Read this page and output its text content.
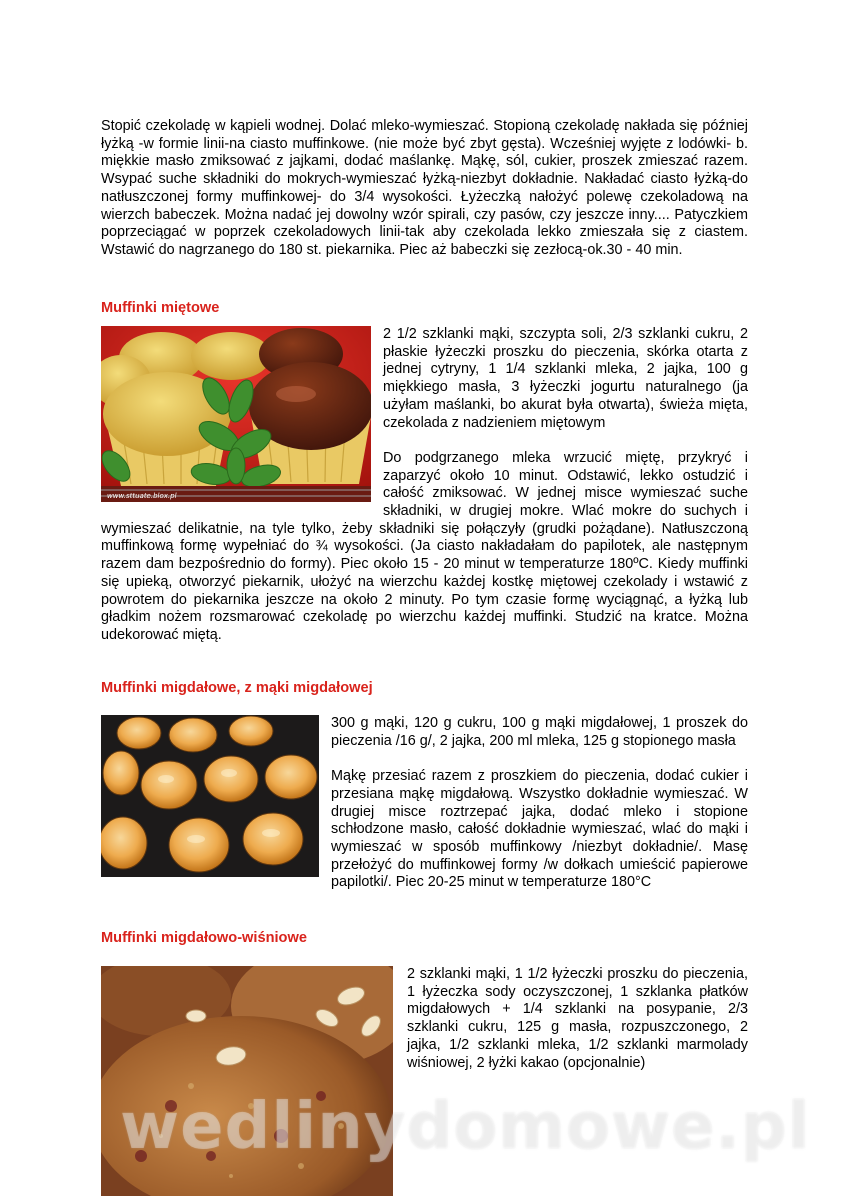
Stopić czekoladę w kąpieli wodnej. Dolać mleko-wymieszać. Stopioną czekoladę nakłada się później łyżką -w formie linii-na ciasto muffinkowe. (nie może być zbyt gęsta). Wcześniej wyjęte z lodówki- b. miękkie masło zmiksować z jajkami, dodać maślankę. Mąkę, sól, cukier, proszek zmieszać razem. Wsypać suche składniki do mokrych-wymieszać łyżką-niezbyt dokładnie. Nakładać ciasto łyżką-do natłuszczonej formy muffinkowej- do 3/4 wysokości. Łyżeczką nałożyć polewę czekoladową na wierzch babeczek. Można nadać jej dowolny wzór spirali, czy pasów, czy jeszcze inny.... Patyczkiem poprzeciągać w poprzek czekoladowych linii-tak aby czekolada lekko zmieszała się z ciastem. Wstawić do nagrzanego do 180 st. piekarnika. Piec aż babeczki się zezłocą-ok.30 - 40 min.

Muffinki miętowe
www.sttuate.blox.pl

2 1/2 szklanki mąki, szczypta soli, 2/3 szklanki cukru, 2 płaskie łyżeczki proszku do pieczenia, skórka otarta z jednej cytryny, 1 1/4 szklanki mleka, 2 jajka, 100 g miękkiego masła, 3 łyżeczki jogurtu naturalnego (ja użyłam maślanki, bo akurat była otwarta), świeża mięta, czekolada z nadzieniem miętowym

Do podgrzanego mleka wrzucić miętę, przykryć i zaparzyć około 10 minut. Odstawić, lekko ostudzić i całość zmiksować. W jednej misce wymieszać suche składniki, w drugiej mokre. Wlać mokre do suchych i wymieszać delikatnie, na tyle tylko, żeby składniki się połączyły (grudki pożądane). Natłuszczoną muffinkową formę wypełniać do ¾ wysokości. (Ja ciasto nakładałam do papilotek, ale następnym razem dam bezpośrednio do formy). Piec około 15 - 20 minut w temperaturze 180ºC. Kiedy muffinki się upieką, otworzyć piekarnik, ułożyć na wierzchu każdej kostkę miętowej czekolady i wstawić z powrotem do piekarnika jeszcze na około 2 minuty. Po tym czasie formę wyciągnąć, a łyżką lub gładkim nożem rozsmarować czekoladę po wierzchu każdej muffinki. Studzić na kratce. Można udekorować miętą.

Muffinki migdałowe, z mąki migdałowej

300 g mąki, 120 g cukru, 100 g mąki migdałowej, 1 proszek do pieczenia /16 g/, 2 jajka, 200 ml mleka, 125 g stopionego masła

Mąkę przesiać razem z proszkiem do pieczenia, dodać cukier i przesiana mąkę migdałową. Wszystko dokładnie wymieszać. W drugiej misce roztrzepać jajka, dodać mleko i stopione schłodzone masło, całość dokładnie wymieszać, wlać do mąki i wymieszać w sposób muffinkowy /niezbyt dokładnie/. Masę przełożyć do muffinkowej formy /w dołkach umieścić papierowe papilotki/. Piec 20-25 minut w temperaturze 180°C

Muffinki migdałowo-wiśniowe

2 szklanki mąki, 1 1/2 łyżeczki proszku do pieczenia, 1 łyżeczka sody oczyszczonej, 1 szklanka płatków migdałowych + 1/4 szklanki na posypanie, 2/3 szklanki cukru, 125 g masła, rozpuszczonego, 2 jajka, 1/2 szklanki mleka, 1/2 szklanki marmolady wiśniowej, 2 łyżki kakao (opcjonalnie)

wedlinydomowe.pl
